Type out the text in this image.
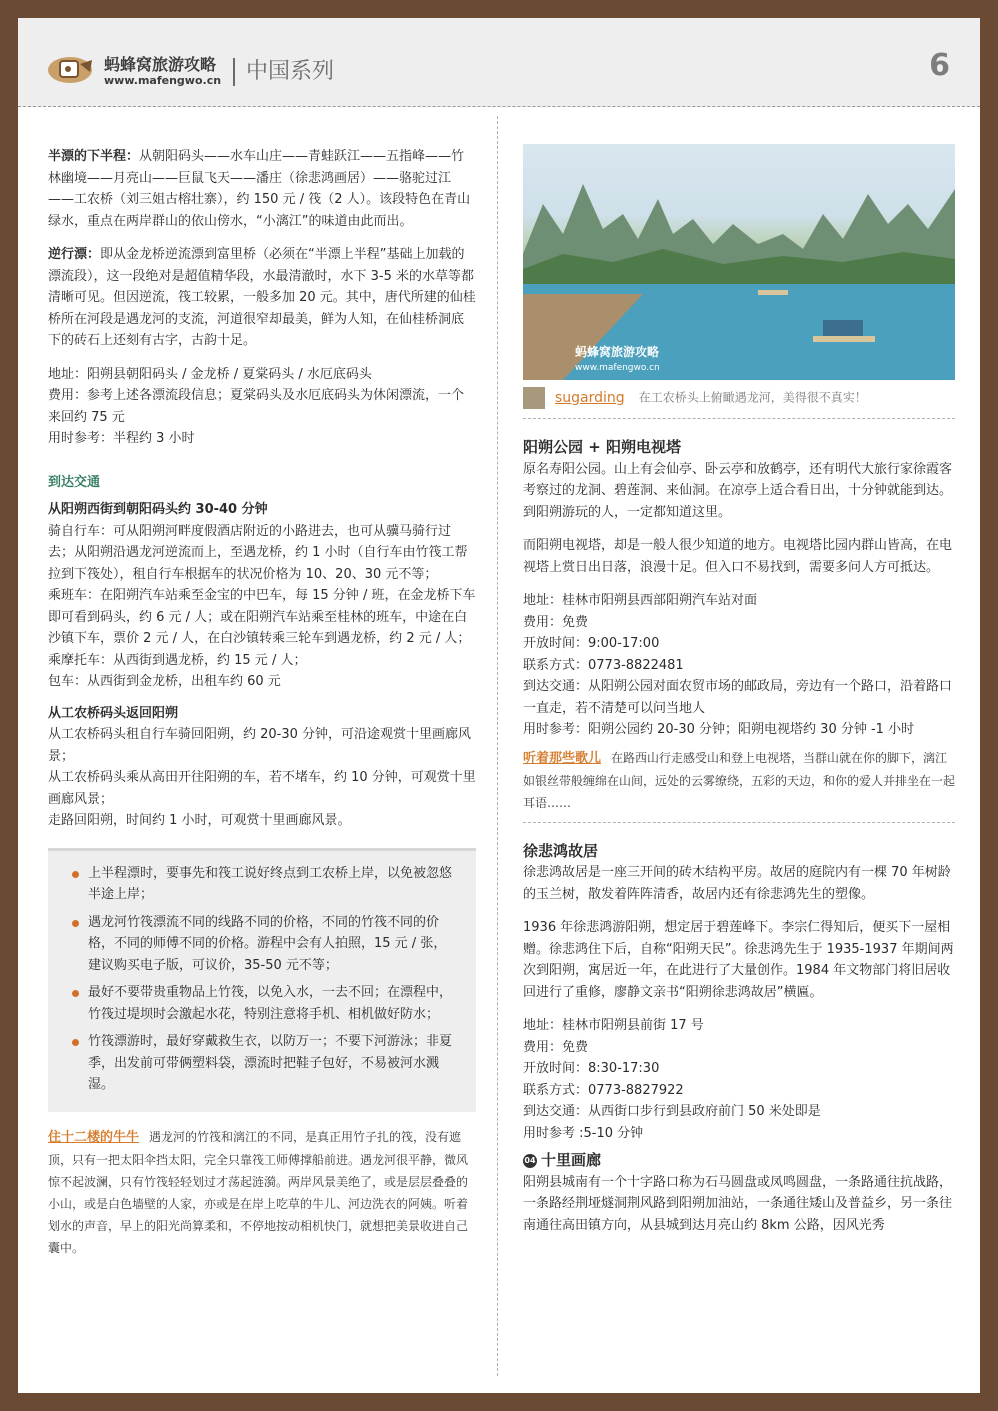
蚂蜂窝旅游攻略
www.mafengwo.cn 中国系列	6

半漂的下半程：从朝阳码头——水车山庄——青蛙跃江——五指峰——竹林幽境——月亮山——巨鼠飞天——潘庄（徐悲鸿画居）——骆驼过江——工农桥（刘三姐古榕壮寨），约 150 元 / 筏（2 人）。该段特色在青山绿水，重点在两岸群山的依山傍水，“小漓江”的味道由此而出。

逆行漂：即从金龙桥逆流漂到富里桥（必须在“半漂上半程”基础上加载的漂流段），这一段绝对是超值精华段，水最清澈时，水下 3-5 米的水草等都清晰可见。但因逆流，筏工较累，一般多加 20 元。其中，唐代所建的仙桂桥所在河段是遇龙河的支流，河道很窄却最美，鲜为人知，在仙桂桥洞底下的砖石上还刻有古字，古韵十足。

地址：阳朔县朝阳码头 / 金龙桥 / 夏棠码头 / 水厄底码头

费用：参考上述各漂流段信息；夏棠码头及水厄底码头为休闲漂流，一个来回约 75 元

用时参考：半程约 3 小时

到达交通

从阳朔西街到朝阳码头约 30-40 分钟

骑自行车：可从阳朔河畔度假酒店附近的小路进去，也可从骥马骑行过去；从阳朔沿遇龙河逆流而上，至遇龙桥，约 1 小时（自行车由竹筏工帮拉到下筏处），租自行车根据车的状况价格为 10、20、30 元不等；

乘班车：在阳朔汽车站乘至金宝的中巴车，每 15 分钟 / 班，在金龙桥下车即可看到码头，约 6 元 / 人；或在阳朔汽车站乘至桂林的班车，中途在白沙镇下车，票价 2 元 / 人，在白沙镇转乘三轮车到遇龙桥，约 2 元 / 人；

乘摩托车：从西街到遇龙桥，约 15 元 / 人；

包车：从西街到金龙桥，出租车约 60 元

从工农桥码头返回阳朔

从工农桥码头租自行车骑回阳朔，约 20-30 分钟，可沿途观赏十里画廊风景；

从工农桥码头乘从高田开往阳朔的车，若不堵车，约 10 分钟，可观赏十里画廊风景；

走路回阳朔，时间约 1 小时，可观赏十里画廊风景。

上半程漂时，要事先和筏工说好终点到工农桥上岸，以免被忽悠半途上岸；

遇龙河竹筏漂流不同的线路不同的价格，不同的竹筏不同的价格，不同的师傅不同的价格。游程中会有人拍照，15 元 / 张，建议购买电子版，可议价，35-50 元不等；

最好不要带贵重物品上竹筏，以免入水，一去不回；在漂程中，竹筏过堤坝时会激起水花，特别注意将手机、相机做好防水；

竹筏漂游时，最好穿戴救生衣，以防万一；不要下河游泳；非夏季，出发前可带俩塑料袋，漂流时把鞋子包好，不易被河水溅湿。

住十二楼的牛牛 遇龙河的竹筏和漓江的不同，是真正用竹子扎的筏，没有遮顶，只有一把太阳伞挡太阳，完全只靠筏工师傅撑船前进。遇龙河很平静，微风惊不起波澜，只有竹筏轻轻划过才荡起涟漪。两岸风景美绝了，或是层层叠叠的小山，或是白色墙壁的人家，亦或是在岸上吃草的牛儿、河边洗衣的阿姨。听着划水的声音，早上的阳光尚算柔和，不停地按动相机快门，就想把美景收进自己囊中。

蚂蜂窝旅游攻略
www.mafengwo.cn

sugarding 在工农桥头上俯瞰遇龙河，美得很不真实！

阳朔公园 + 阳朔电视塔

原名寿阳公园。山上有会仙亭、卧云亭和放鹤亭，还有明代大旅行家徐霞客考察过的龙洞、碧莲洞、来仙洞。在凉亭上适合看日出，十分钟就能到达。到阳朔游玩的人，一定都知道这里。

而阳朔电视塔，却是一般人很少知道的地方。电视塔比园内群山皆高，在电视塔上赏日出日落，浪漫十足。但入口不易找到，需要多问人方可抵达。

地址：桂林市阳朔县西部阳朔汽车站对面

费用：免费

开放时间：9:00-17:00

联系方式：0773-8822481

到达交通：从阳朔公园对面农贸市场的邮政局，旁边有一个路口，沿着路口一直走，若不清楚可以问当地人

用时参考：阳朔公园约 20-30 分钟；阳朔电视塔约 30 分钟 -1 小时

听着那些歌儿 在路西山行走感受山和登上电视塔，当群山就在你的脚下，漓江如银丝带般缠绵在山间，远处的云雾缭绕，五彩的天边，和你的爱人并排坐在一起耳语……

徐悲鸿故居

徐悲鸿故居是一座三开间的砖木结构平房。故居的庭院内有一棵 70 年树龄的玉兰树，散发着阵阵清香，故居内还有徐悲鸿先生的塑像。

1936 年徐悲鸿游阳朔，想定居于碧莲峰下。李宗仁得知后，便买下一屋相赠。徐悲鸿住下后，自称“阳朔天民”。徐悲鸿先生于 1935-1937 年期间两次到阳朔，寓居近一年，在此进行了大量创作。1984 年文物部门将旧居收回进行了重修，廖静文亲书“阳朔徐悲鸿故居”横匾。

地址：桂林市阳朔县前街 17 号

费用：免费

开放时间：8:30-17:30

联系方式：0773-8827922

到达交通：从西街口步行到县政府前门 50 米处即是

用时参考 :5-10 分钟

04 十里画廊

阳朔县城南有一个十字路口称为石马圆盘或凤鸣圆盘，一条路通往抗战路，一条路经荆垭燧洞荆风路到阳朔加油站，一条通往矮山及普益乡，另一条往南通往高田镇方向，从县城到达月亮山约 8km 公路，因风光秀
